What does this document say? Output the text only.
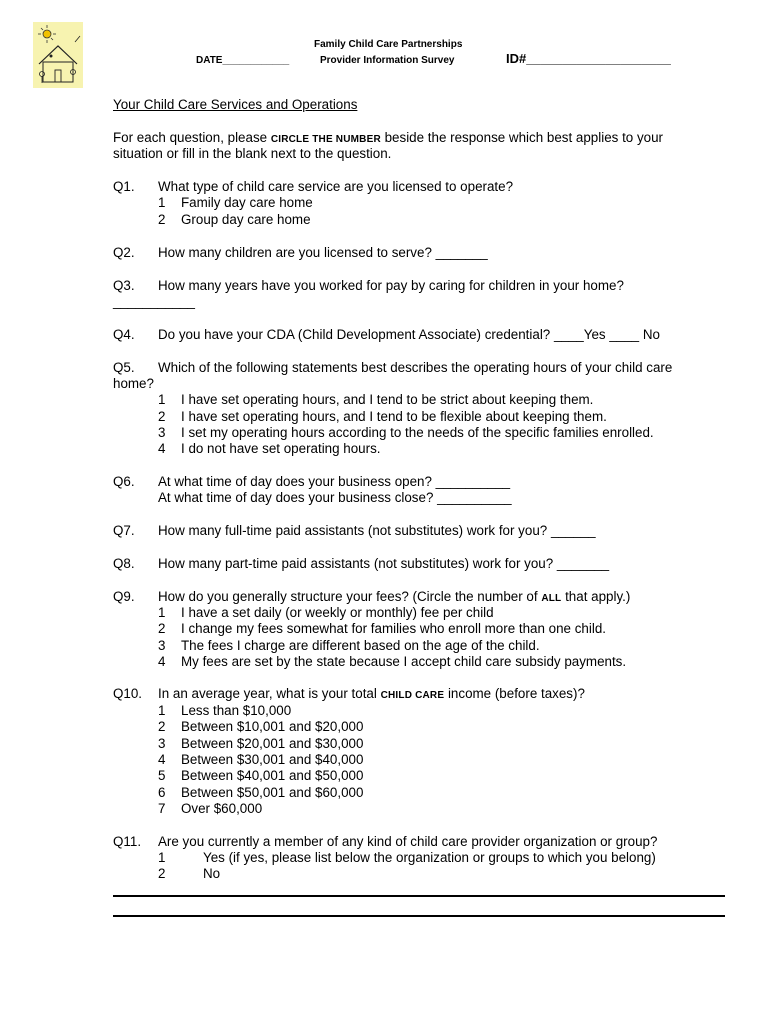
Family Child Care Partnerships
DATE____________	Provider Information Survey	ID#____________________
Your Child Care Services and Operations
For each question, please CIRCLE THE NUMBER beside the response which best applies to your
situation or fill in the blank next to the question.
Q1. What type of child care service are you licensed to operate?
1 Family day care home
2 Group day care home
Q2. How many children are you licensed to serve? _______
Q3. How many years have you worked for pay by caring for children in your home?
___________
Q4. Do you have your CDA (Child Development Associate) credential? ____Yes ____ No
Q5. Which of the following statements best describes the operating hours of your child care
home?
1 I have set operating hours, and I tend to be strict about keeping them.
2 I have set operating hours, and I tend to be flexible about keeping them.
3 I set my operating hours according to the needs of the specific families enrolled.
4 I do not have set operating hours.
Q6. At what time of day does your business open? __________
At what time of day does your business close? __________
Q7. How many full-time paid assistants (not substitutes) work for you? ______
Q8. How many part-time paid assistants (not substitutes) work for you? _______
Q9. How do you generally structure your fees? (Circle the number of ALL that apply.)
1 I have a set daily (or weekly or monthly) fee per child
2 I change my fees somewhat for families who enroll more than one child.
3 The fees I charge are different based on the age of the child.
4 My fees are set by the state because I accept child care subsidy payments.
Q10. In an average year, what is your total CHILD CARE income (before taxes)?
1 Less than $10,000
2 Between $10,001 and $20,000
3 Between $20,001 and $30,000
4 Between $30,001 and $40,000
5 Between $40,001 and $50,000
6 Between $50,001 and $60,000
7 Over $60,000
Q11. Are you currently a member of any kind of child care provider organization or group?
1	Yes (if yes, please list below the organization or groups to which you belong)
2	No
